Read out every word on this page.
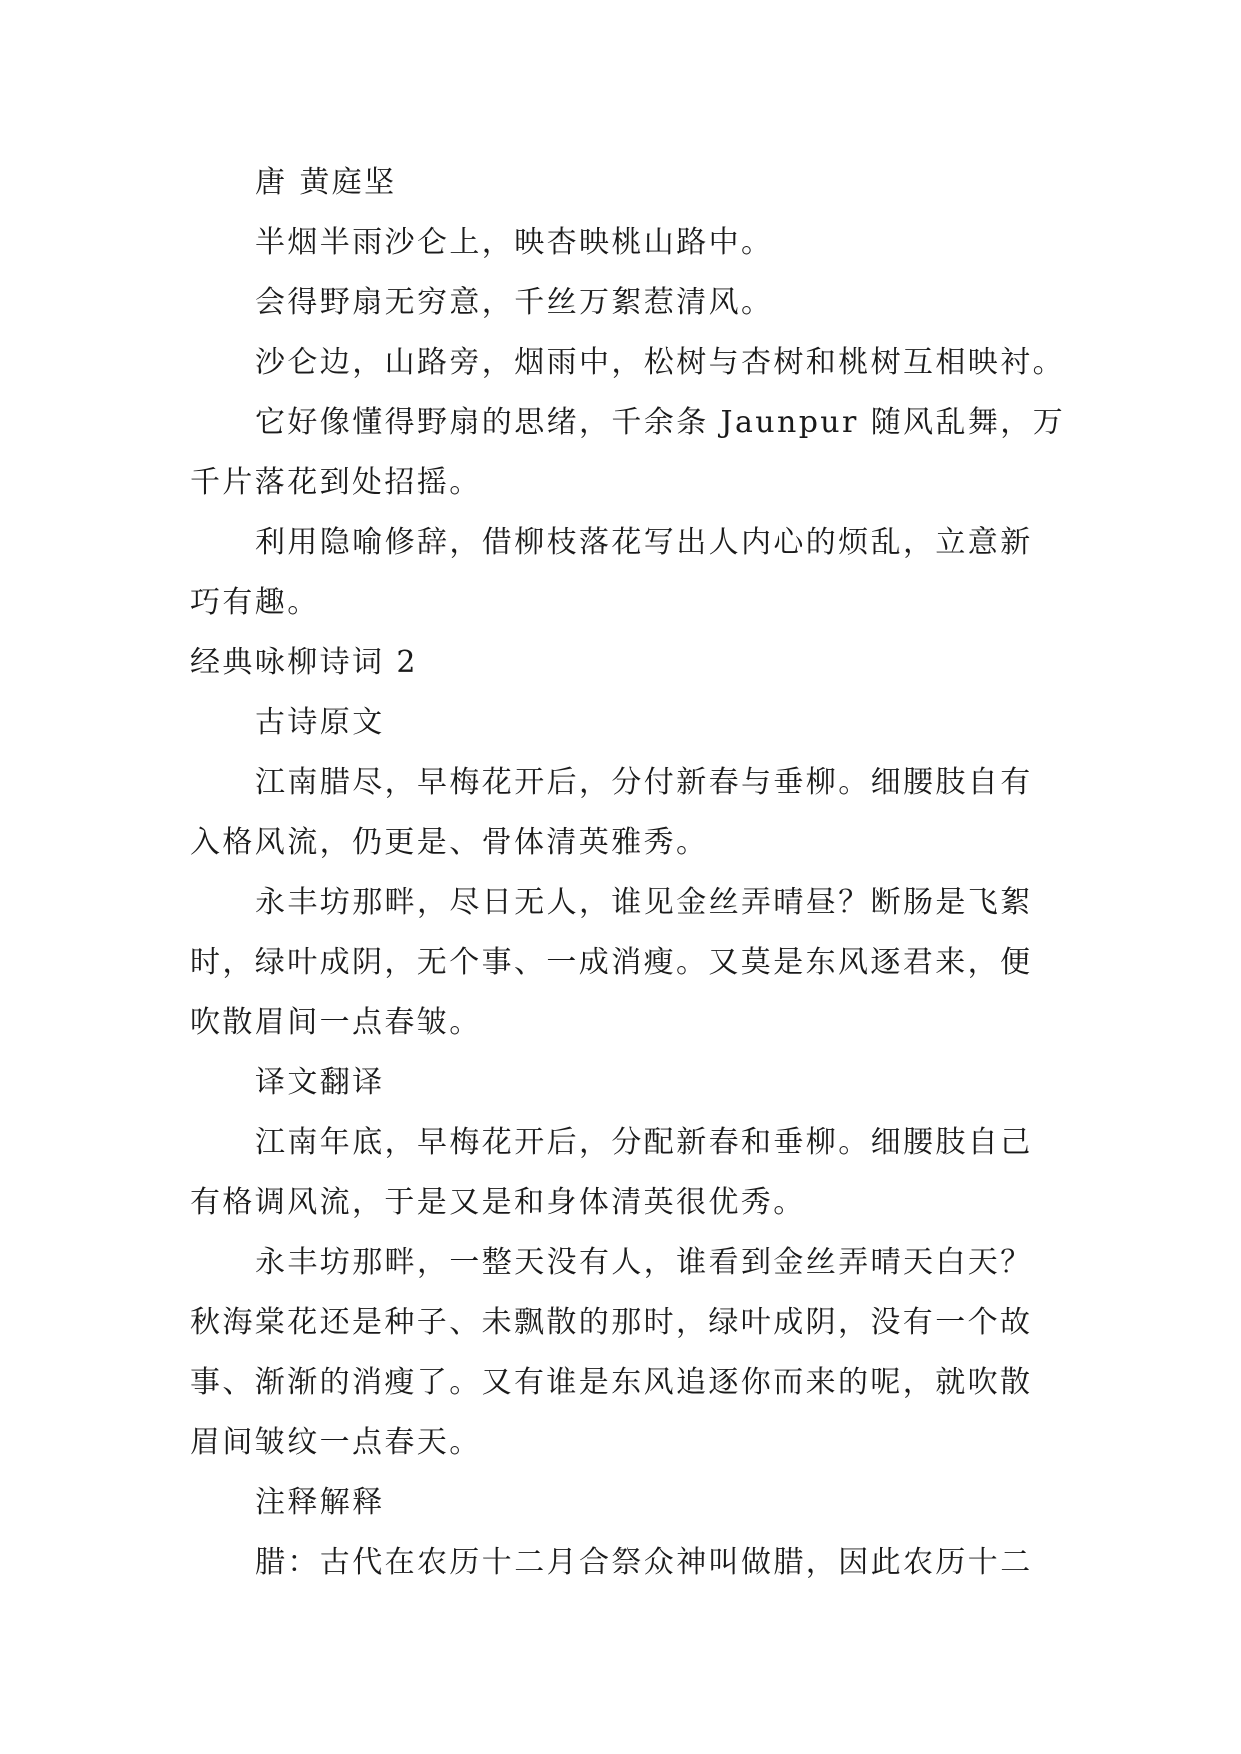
唐 黄庭坚
半烟半雨沙仑上，映杏映桃山路中。
会得野扇无穷意，千丝万絮惹清风。
沙仑边，山路旁，烟雨中，松树与杏树和桃树互相映衬。
它好像懂得野扇的思绪，千余条 Jaunpur 随风乱舞，万
千片落花到处招摇。
利用隐喻修辞，借柳枝落花写出人内心的烦乱，立意新
巧有趣。
经典咏柳诗词 2
古诗原文
江南腊尽，早梅花开后，分付新春与垂柳。细腰肢自有
入格风流，仍更是、骨体清英雅秀。
永丰坊那畔，尽日无人，谁见金丝弄晴昼？断肠是飞絮
时，绿叶成阴，无个事、一成消瘦。又莫是东风逐君来，便
吹散眉间一点春皱。
译文翻译
江南年底，早梅花开后，分配新春和垂柳。细腰肢自己
有格调风流，于是又是和身体清英很优秀。
永丰坊那畔，一整天没有人，谁看到金丝弄晴天白天？
秋海棠花还是种子、未飘散的那时，绿叶成阴，没有一个故
事、渐渐的消瘦了。又有谁是东风追逐你而来的呢，就吹散
眉间皱纹一点春天。
注释解释
腊：古代在农历十二月合祭众神叫做腊，因此农历十二
